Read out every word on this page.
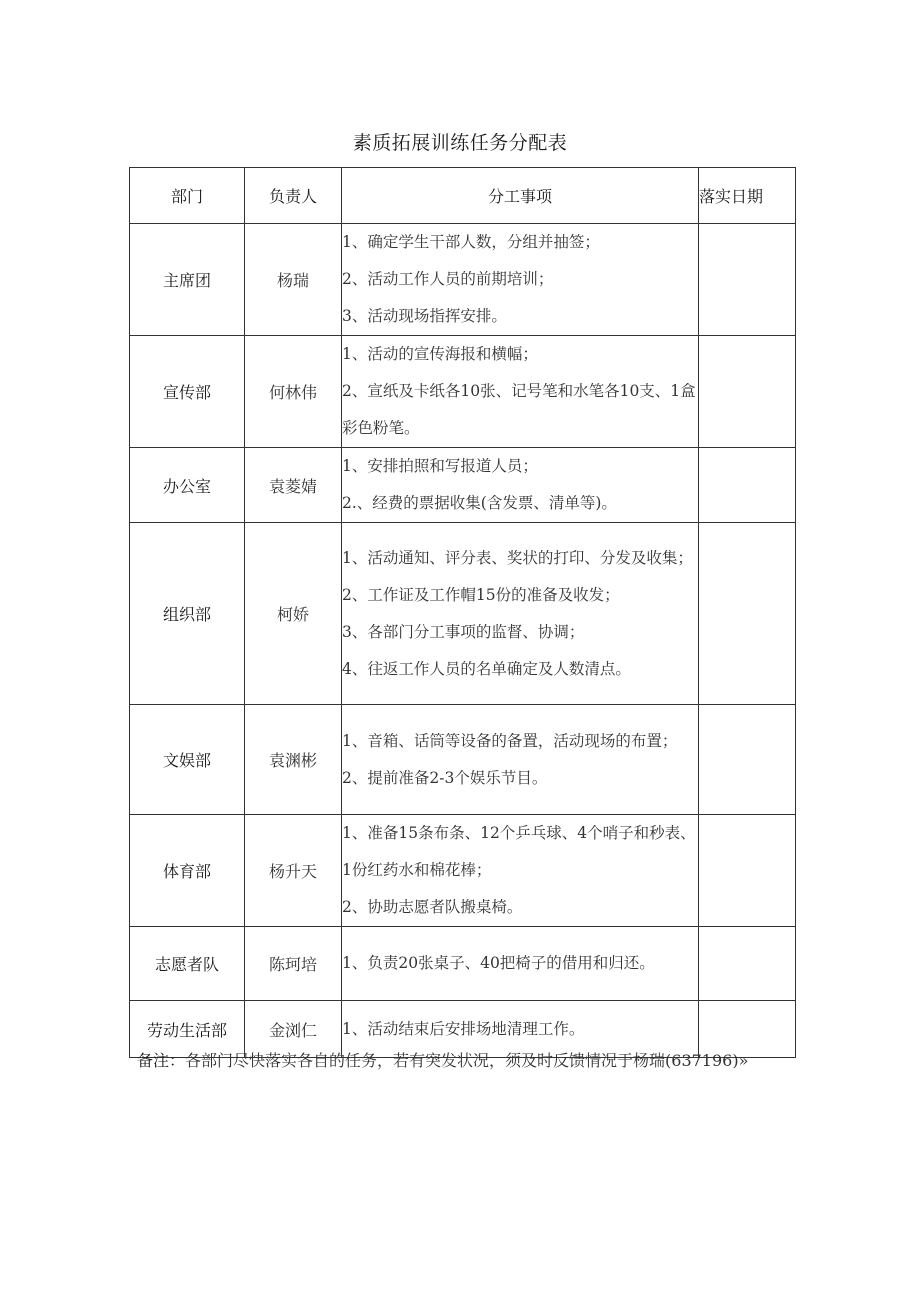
素质拓展训练任务分配表
部门	负责人	分工事项	落实日期
主席团	杨瑞	1、确定学生干部人数，分组并抽签；
2、活动工作人员的前期培训；
3、活动现场指挥安排。	

宣传部	何林伟	1、活动的宣传海报和横幅；
2、宣纸及卡纸各10张、记号笔和水笔各10支、1盒彩色粉笔。	

办公室	袁菱婧	1、安排拍照和写报道人员；
2.、经费的票据收集(含发票、清单等)。	

组织部	柯娇	1、活动通知、评分表、奖状的打印、分发及收集；
2、工作证及工作帽15份的准备及收发；
3、各部门分工事项的监督、协调；
4、往返工作人员的名单确定及人数清点。	

文娱部	袁渊彬	1、音箱、话筒等设备的备置，活动现场的布置；
2、提前准备2-3个娱乐节目。	

体育部	杨升天	1、准备15条布条、12个乒乓球、4个哨子和秒表、1份红药水和棉花棒；
2、协助志愿者队搬桌椅。	

志愿者队	陈珂培	1、负责20张桌子、40把椅子的借用和归还。	

劳动生活部	金浏仁	1、活动结束后安排场地清理工作。	

备注：各部门尽快落实各自的任务，若有突发状况，须及时反馈情况于杨瑞(637196)»
